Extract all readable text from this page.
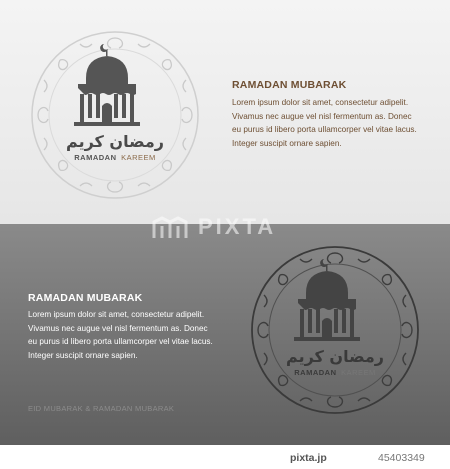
رمضان كريم
RAMADAN KAREEM
RAMADAN MUBARAK
Lorem ipsum dolor sit amet, consectetur adipelit.
Vivamus nec augue vel nisl fermentum as. Donec
eu purus id libero porta ullamcorper vel vitae lacus.
Integer suscipit ornare sapien.
رمضان كريم
RAMADAN KAREEM
RAMADAN MUBARAK
Lorem ipsum dolor sit amet, consectetur adipelit.
Vivamus nec augue vel nisl fermentum as. Donec
eu purus id libero porta ullamcorper vel vitae lacus.
Integer suscipit ornare sapien.
EID MUBARAK & RAMADAN MUBARAK
PIXTA
pixta.jp	45403349
